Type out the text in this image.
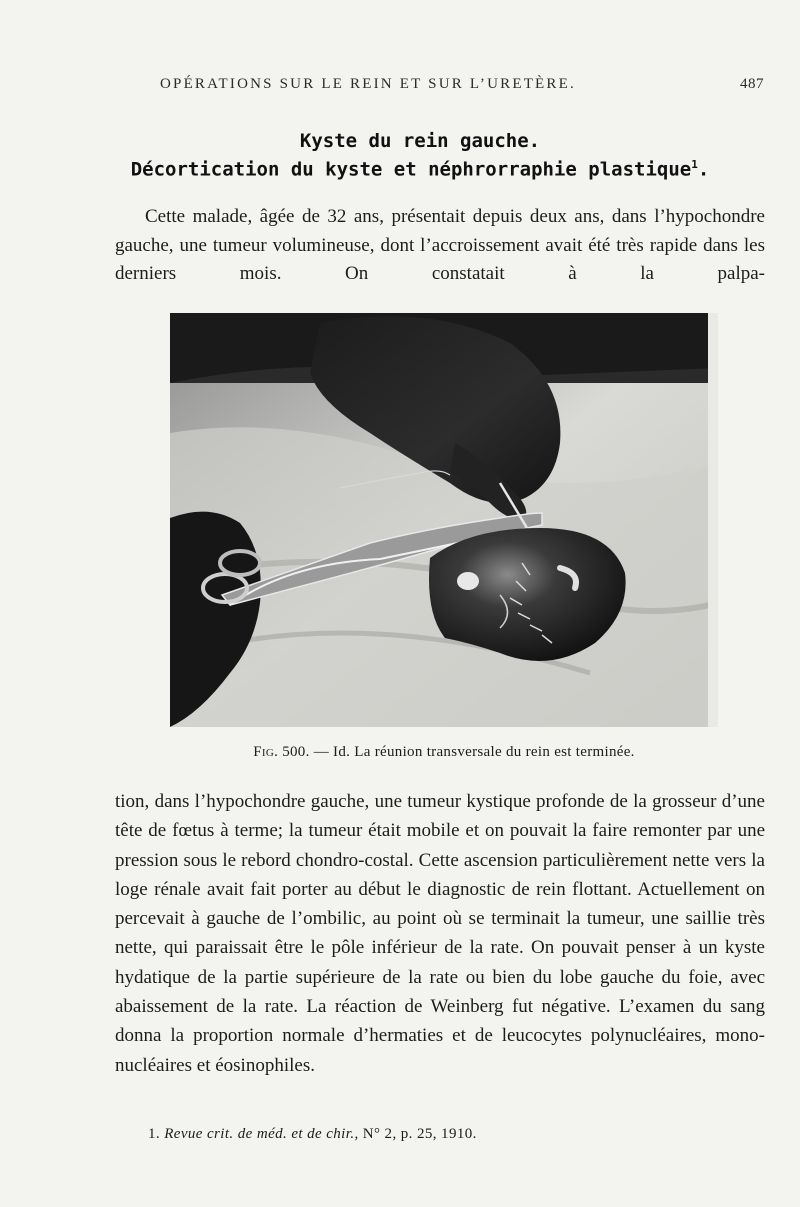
OPÉRATIONS SUR LE REIN ET SUR L’URETÈRE.	487
Kyste du rein gauche.
Décortication du kyste et néphrorraphie plastique$^1$.
Cette malade, âgée de 32 ans, présentait depuis deux ans, dans l’hypochondre gauche, une tumeur volumineuse, dont l’accroissement avait été très rapide dans les derniers mois. On constatait à la palpa-
Fig. 500. — Id. La réunion transversale du rein est terminée.
tion, dans l’hypochondre gauche, une tumeur kystique profonde de la grosseur d’une tête de fœtus à terme; la tumeur était mobile et on pouvait la faire remonter par une pression sous le rebord chondro-costal. Cette ascension particulièrement nette vers la loge rénale avait fait porter au début le diagnostic de rein flottant. Actuellement on percevait à gauche de l’ombilic, au point où se terminait la tumeur, une saillie très nette, qui paraissait être le pôle inférieur de la rate. On pouvait penser à un kyste hydatique de la partie supérieure de la rate ou bien du lobe gauche du foie, avec abaissement de la rate. La réaction de Weinberg fut négative. L’examen du sang donna la proportion normale d’hermaties et de leucocytes polynucléaires, mono-nucléaires et éosinophiles.
1. Revue crit. de méd. et de chir., N° 2, p. 25, 1910.
